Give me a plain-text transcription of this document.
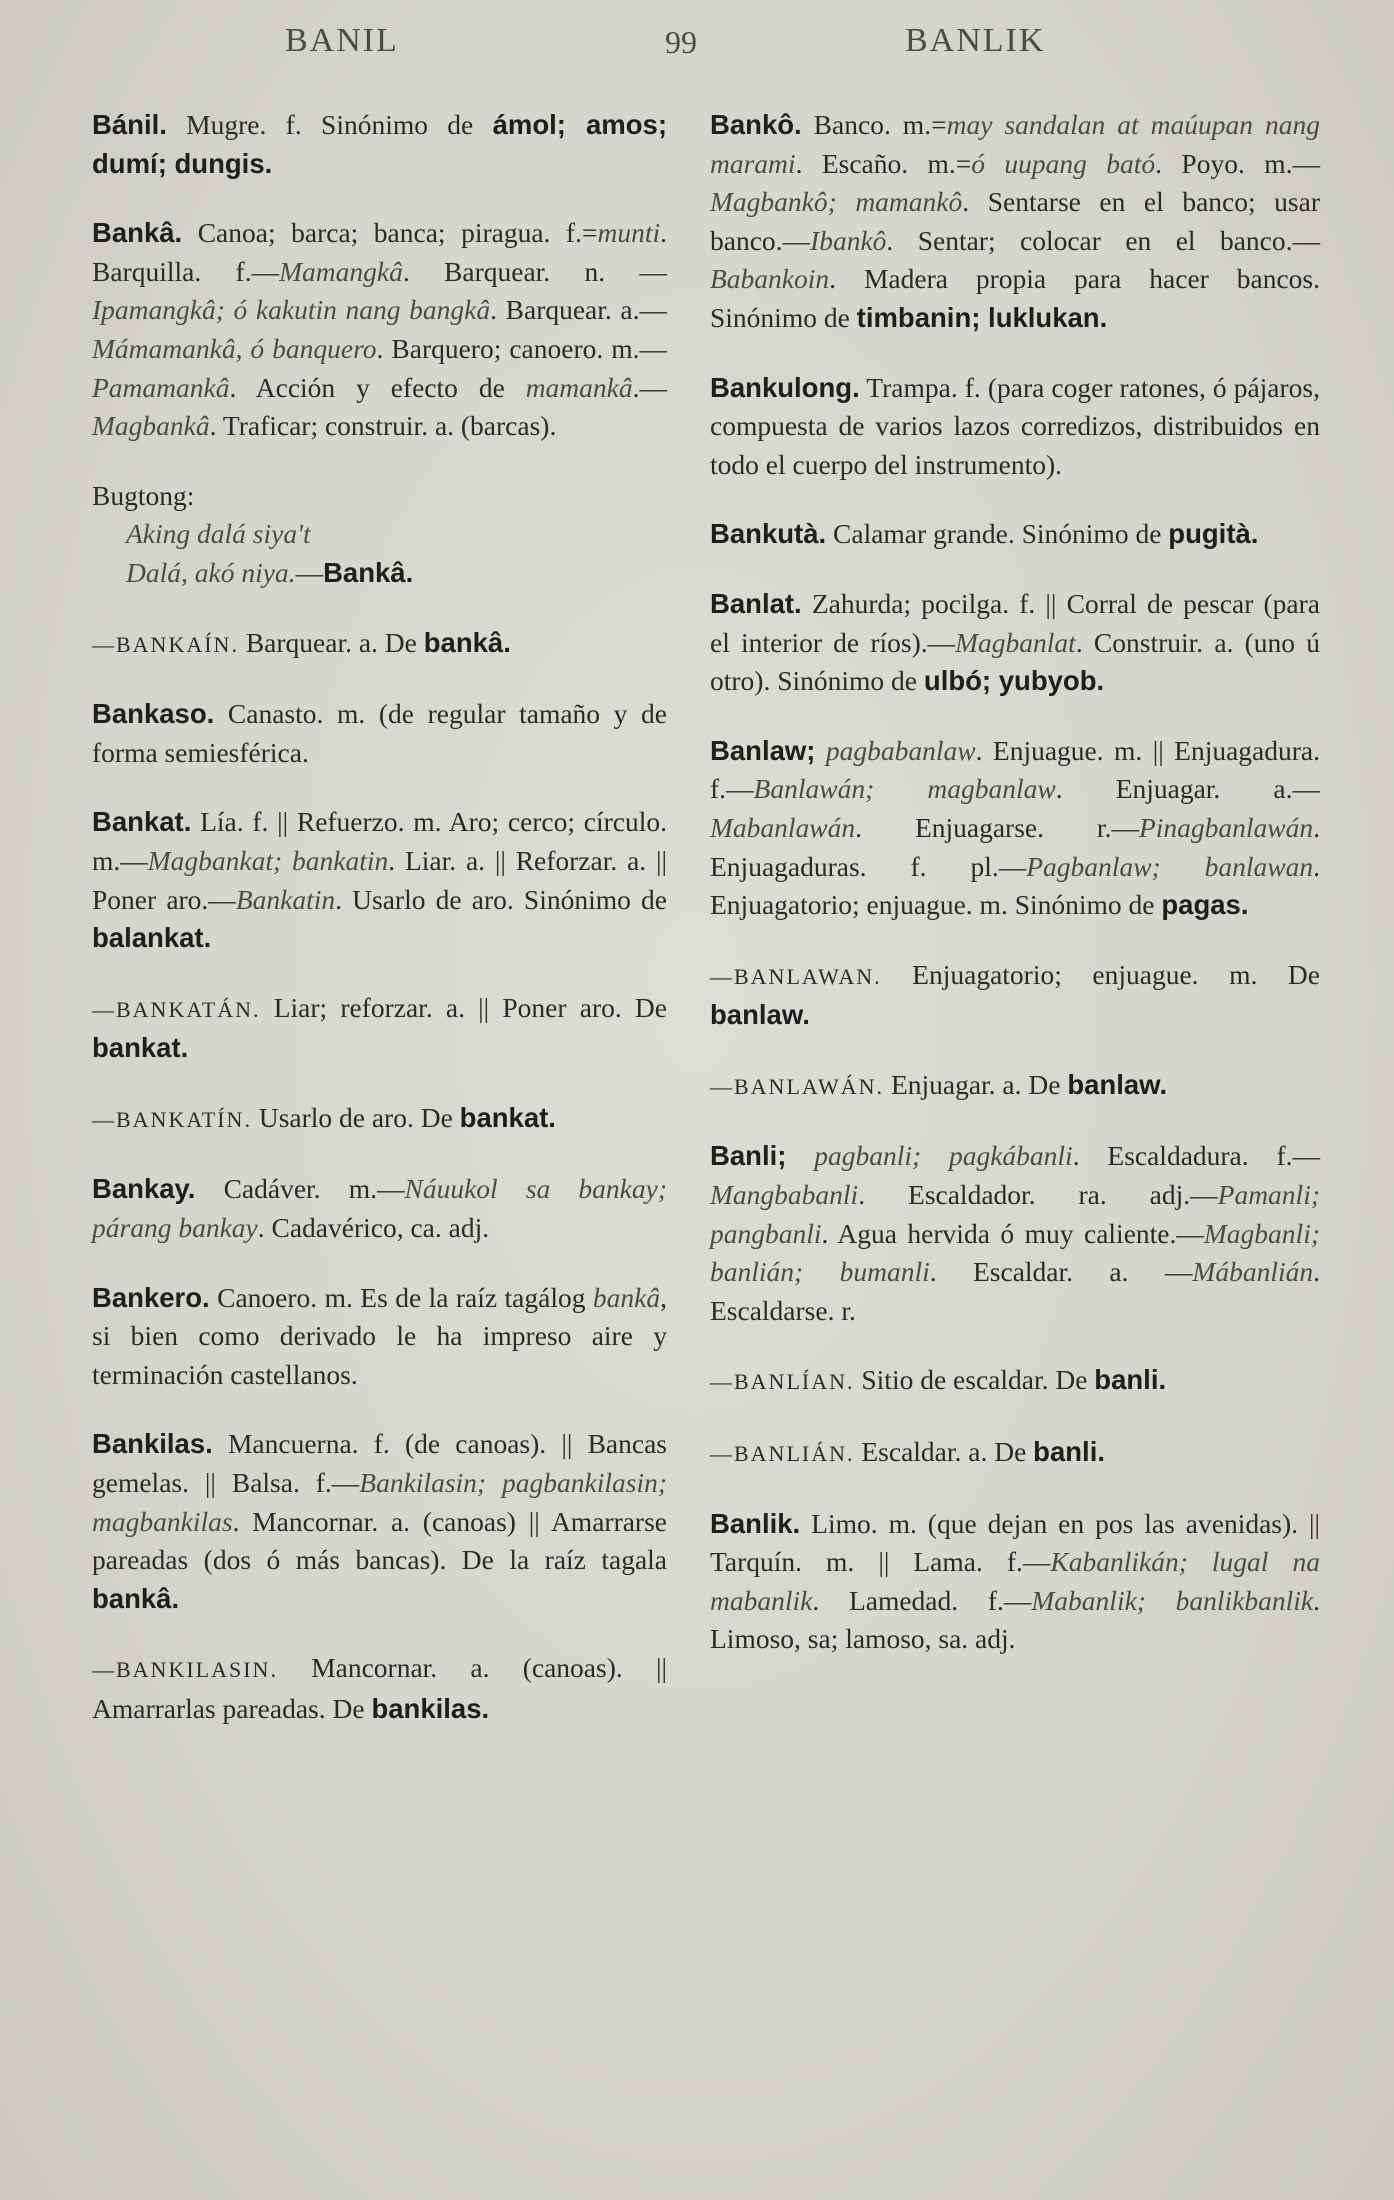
BANIL	99	BANLIK

Bánil. Mugre. f. Sinónimo de ámol; amos; dumí; dungis.

Bankâ. Canoa; barca; banca; piragua. f.=munti. Barquilla. f.—Mamangkâ. Barquear. n. —Ipamangkâ; ó kakutin nang bangkâ. Barquear. a.—Mámamankâ, ó banquero. Barquero; canoero. m.—Pamamankâ. Acción y efecto de mamankâ.—Magbankâ. Traficar; construir. a. (barcas).

Bugtong:
Aking dalá siya't
Dalá, akó niya.—Bankâ.

—BANKAÍN. Barquear. a. De bankâ.

Bankaso. Canasto. m. (de regular tamaño y de forma semiesférica.

Bankat. Lía. f. || Refuerzo. m. Aro; cerco; círculo. m.—Magbankat; bankatin. Liar. a. || Reforzar. a. || Poner aro.—Bankatin. Usarlo de aro. Sinónimo de balankat.

—BANKATÁN. Liar; reforzar. a. || Poner aro. De bankat.

—BANKATÍN. Usarlo de aro. De bankat.

Bankay. Cadáver. m.—Náuukol sa bankay; párang bankay. Cadavérico, ca. adj.

Bankero. Canoero. m. Es de la raíz tagálog bankâ, si bien como derivado le ha impreso aire y terminación castellanos.

Bankilas. Mancuerna. f. (de canoas). || Bancas gemelas. || Balsa. f.—Bankilasin; pagbankilasin; magbankilas. Mancornar. a. (canoas) || Amarrarse pareadas (dos ó más bancas). De la raíz tagala bankâ.

—BANKILASIN. Mancornar. a. (canoas). || Amarrarlas pareadas. De bankilas.

Bankô. Banco. m.=may sandalan at maúupan nang marami. Escaño. m.=ó uupang bató. Poyo. m.—Magbankô; mamankô. Sentarse en el banco; usar banco.—Ibankô. Sentar; colocar en el banco.—Babankoin. Madera propia para hacer bancos. Sinónimo de timbanin; luklukan.

Bankulong. Trampa. f. (para coger ratones, ó pájaros, compuesta de varios lazos corredizos, distribuidos en todo el cuerpo del instrumento).

Bankutà. Calamar grande. Sinónimo de pugità.

Banlat. Zahurda; pocilga. f. || Corral de pescar (para el interior de ríos).—Magbanlat. Construir. a. (uno ú otro). Sinónimo de ulbó; yubyob.

Banlaw; pagbabanlaw. Enjuague. m. || Enjuagadura. f.—Banlawán; magbanlaw. Enjuagar. a.—Mabanlawán. Enjuagarse. r.—Pinagbanlawán. Enjuagaduras. f. pl.—Pagbanlaw; banlawan. Enjuagatorio; enjuague. m. Sinónimo de pagas.

—BANLAWAN. Enjuagatorio; enjuague. m. De banlaw.

—BANLAWÁN. Enjuagar. a. De banlaw.

Banli; pagbanli; pagkábanli. Escaldadura. f.—Mangbabanli. Escaldador. ra. adj.—Pamanli; pangbanli. Agua hervida ó muy caliente.—Magbanli; banlián; bumanli. Escaldar. a. —Mábanlián. Escaldarse. r.

—BANLÍAN. Sitio de escaldar. De banli.

—BANLIÁN. Escaldar. a. De banli.

Banlik. Limo. m. (que dejan en pos las avenidas). || Tarquín. m. || Lama. f.—Kabanlikán; lugal na mabanlik. Lamedad. f.—Mabanlik; banlikbanlik. Limoso, sa; lamoso, sa. adj.
